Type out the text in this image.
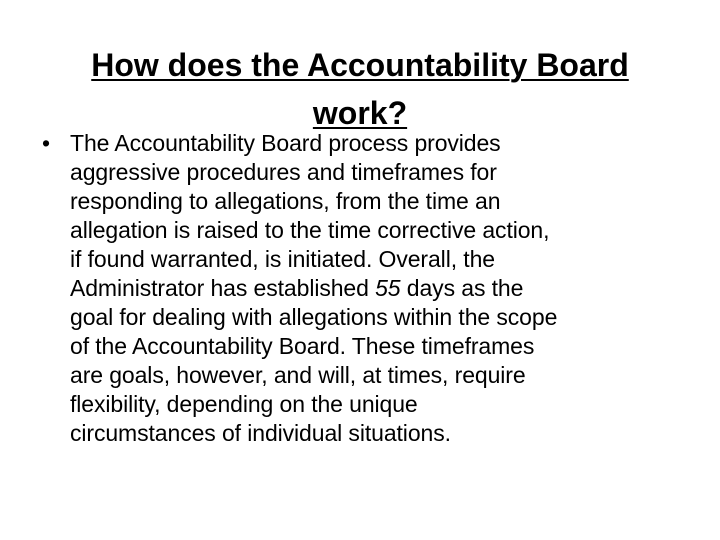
How does the Accountability Board
work?
• The Accountability Board process provides
aggressive procedures and timeframes for
responding to allegations, from the time an
allegation is raised to the time corrective action,
if found warranted, is initiated. Overall, the
Administrator has established 55 days as the
goal for dealing with allegations within the scope
of the Accountability Board. These timeframes
are goals, however, and will, at times, require
flexibility, depending on the unique
circumstances of individual situations.
